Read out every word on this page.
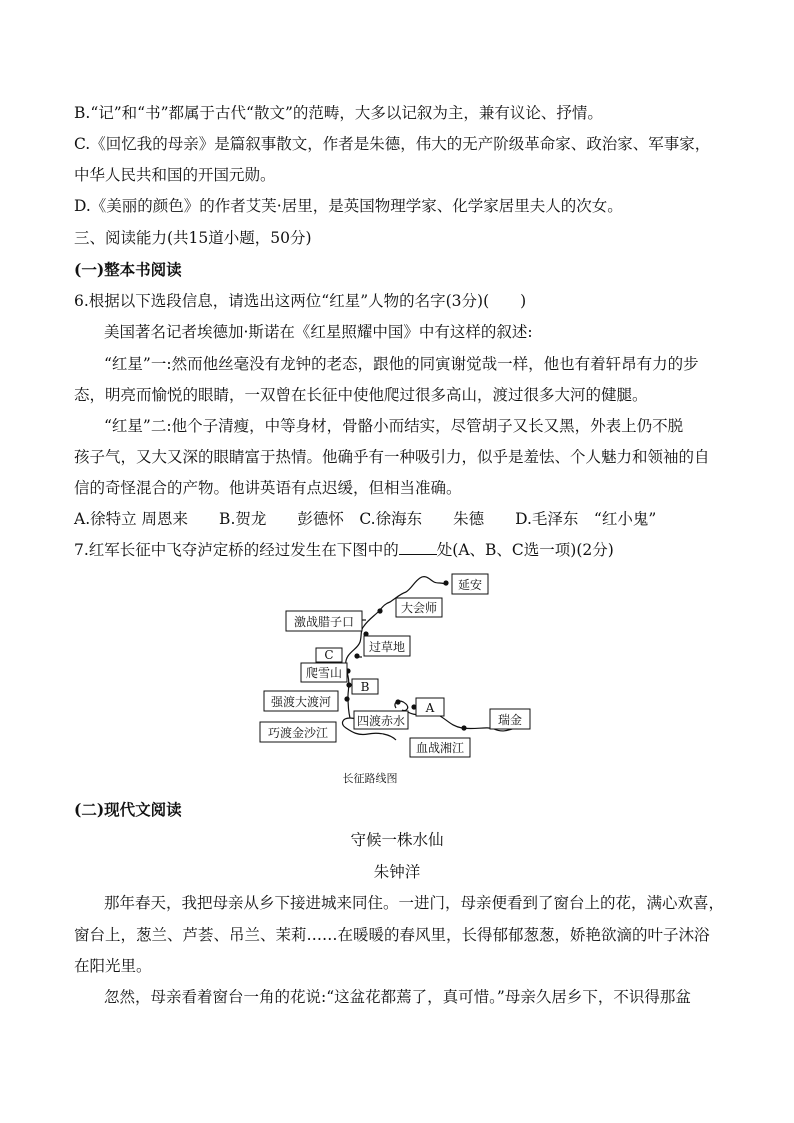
B.“记”和“书”都属于古代“散文”的范畴，大多以记叙为主，兼有议论、抒情。
C.《回忆我的母亲》是篇叙事散文，作者是朱德，伟大的无产阶级革命家、政治家、军事家，
中华人民共和国的开国元勋。
D.《美丽的颜色》的作者艾芙·居里，是英国物理学家、化学家居里夫人的次女。
三、阅读能力(共15道小题，50分)
(一)整本书阅读
6.根据以下选段信息，请选出这两位“红星”人物的名字(3分)(　　)
美国著名记者埃德加·斯诺在《红星照耀中国》中有这样的叙述:
“红星”一:然而他丝毫没有龙钟的老态，跟他的同寅谢觉哉一样，他也有着轩昂有力的步
态，明亮而愉悦的眼睛，一双曾在长征中使他爬过很多高山，渡过很多大河的健腿。
“红星”二:他个子清瘦，中等身材，骨骼小而结实，尽管胡子又长又黑，外表上仍不脱
孩子气，又大又深的眼睛富于热情。他确乎有一种吸引力，似乎是羞怯、个人魅力和领袖的自
信的奇怪混合的产物。他讲英语有点迟缓，但相当准确。
A.徐特立 周恩来　　B.贺龙　　彭德怀　C.徐海东　　朱德　　D.毛泽东　“红小鬼”
7.红军长征中飞夺泸定桥的经过发生在下图中的 处(A、B、C选一项)(2分)
延安
大会师
激战腊子口
过草地
C
爬雪山
B
强渡大渡河	A
四渡赤水	瑞金
巧渡金沙江
血战湘江
长征路线图
(二)现代文阅读
守候一株水仙
朱钟洋
那年春天，我把母亲从乡下接进城来同住。一进门，母亲便看到了窗台上的花，满心欢喜，
窗台上，葱兰、芦荟、吊兰、茉莉……在暖暖的春风里，长得郁郁葱葱，娇艳欲滴的叶子沐浴
在阳光里。
忽然，母亲看着窗台一角的花说:“这盆花都蔫了，真可惜。”母亲久居乡下，不识得那盆
